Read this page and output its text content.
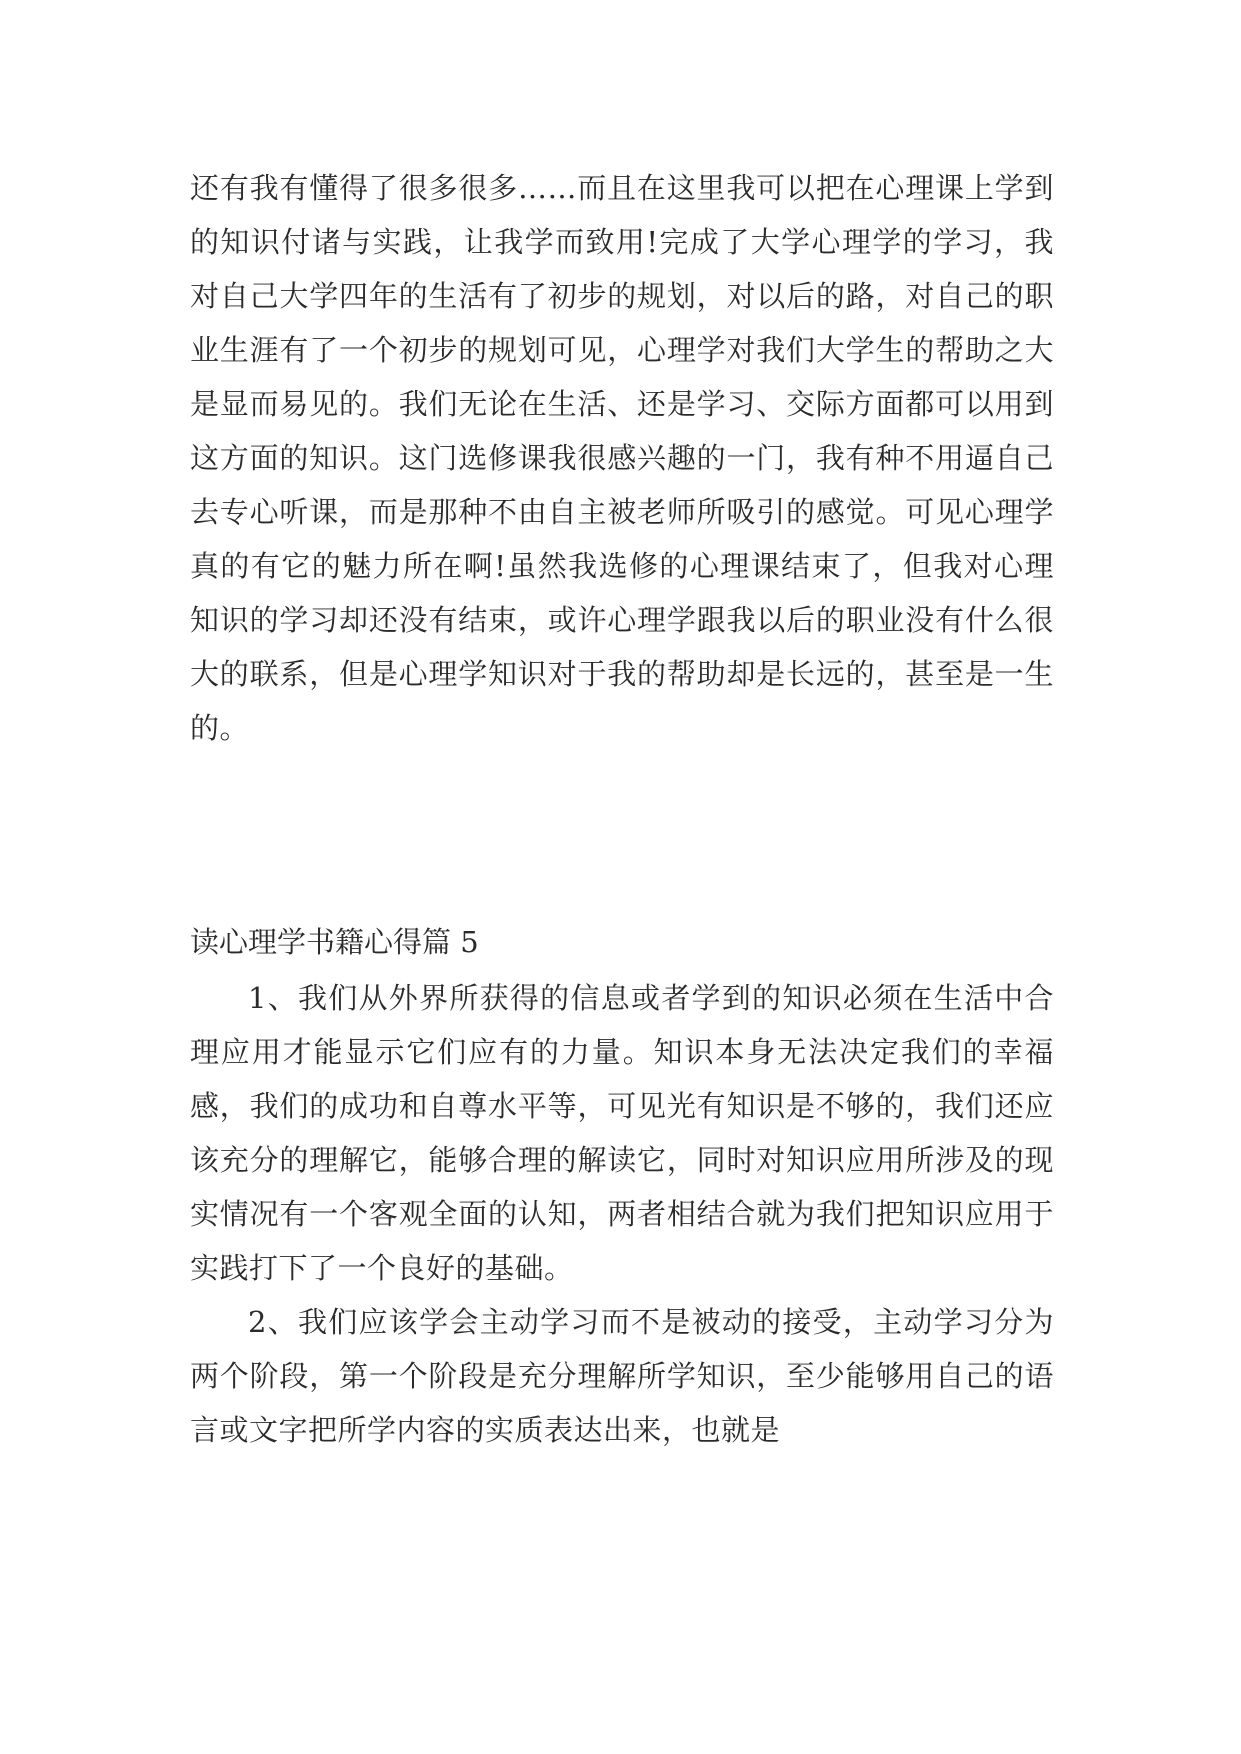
还有我有懂得了很多很多……而且在这里我可以把在心理课上学到的知识付诸与实践，让我学而致用!完成了大学心理学的学习，我对自己大学四年的生活有了初步的规划，对以后的路，对自己的职业生涯有了一个初步的规划可见，心理学对我们大学生的帮助之大是显而易见的。我们无论在生活、还是学习、交际方面都可以用到这方面的知识。这门选修课我很感兴趣的一门，我有种不用逼自己去专心听课，而是那种不由自主被老师所吸引的感觉。可见心理学真的有它的魅力所在啊!虽然我选修的心理课结束了，但我对心理知识的学习却还没有结束，或许心理学跟我以后的职业没有什么很大的联系，但是心理学知识对于我的帮助却是长远的，甚至是一生的。

读心理学书籍心得篇 5

1、我们从外界所获得的信息或者学到的知识必须在生活中合理应用才能显示它们应有的力量。知识本身无法决定我们的幸福感，我们的成功和自尊水平等，可见光有知识是不够的，我们还应该充分的理解它，能够合理的解读它，同时对知识应用所涉及的现实情况有一个客观全面的认知，两者相结合就为我们把知识应用于实践打下了一个良好的基础。

2、我们应该学会主动学习而不是被动的接受，主动学习分为两个阶段，第一个阶段是充分理解所学知识，至少能够用自己的语言或文字把所学内容的实质表达出来，也就是
